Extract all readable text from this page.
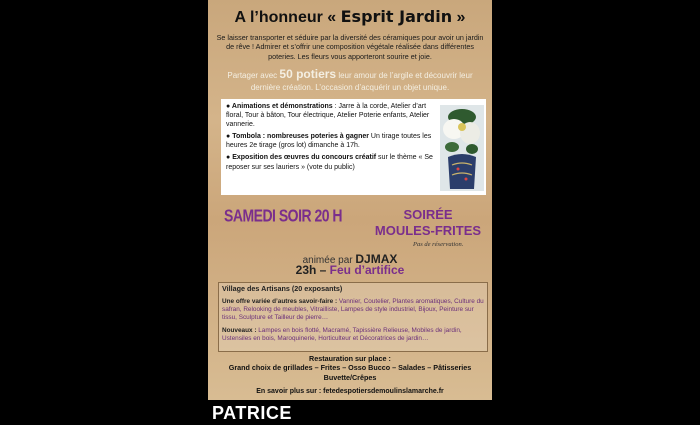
A l’honneur « Esprit Jardin »
Se laisser transporter et séduire par la diversité des céramiques pour avoir un jardin de rêve ! Admirer et s’offrir une composition végétale réalisée dans différentes poteries. Les fleurs vous apporteront sourire et joie.
Partager avec 50 potiers leur amour de l’argile et découvrir leur dernière création. L’occasion d’acquérir un objet unique.
● Animations et démonstrations : Jarre à la corde, Atelier d’art floral, Tour à bâton, Tour électrique, Atelier Poterie enfants, Atelier vannerie.
● Tombola : nombreuses poteries à gagner Un tirage toutes les heures 2e tirage (gros lot) dimanche à 17h.
● Exposition des œuvres du concours créatif sur le thème « Se reposer sur ses lauriers » (vote du public)
SAMEDI SOIR 20 H	SOIRÉE
MOULES-FRITES
Pas de réservation.
animée par DJMAX
23h – Feu d’artifice
Village des Artisans (20 exposants)
Une offre variée d’autres savoir-faire : Vannier, Coutelier, Plantes aromatiques, Culture du safran, Relooking de meubles, Vitrailliste, Lampes de style industriel, Bijoux, Peinture sur tissu, Sculpture et Tailleur de pierre…
Nouveaux : Lampes en bois flotté, Macramé, Tapissière Relieuse, Mobiles de jardin, Ustensiles en bois, Maroquinerie, Horticulteur et Décoratrices de jardin…
Restauration sur place :
Grand choix de grillades – Frites – Osso Bucco – Salades – Pâtisseries
Buvette/Crêpes
En savoir plus sur : fetedespotiersdemoulinslamarche.fr
PATRICE
